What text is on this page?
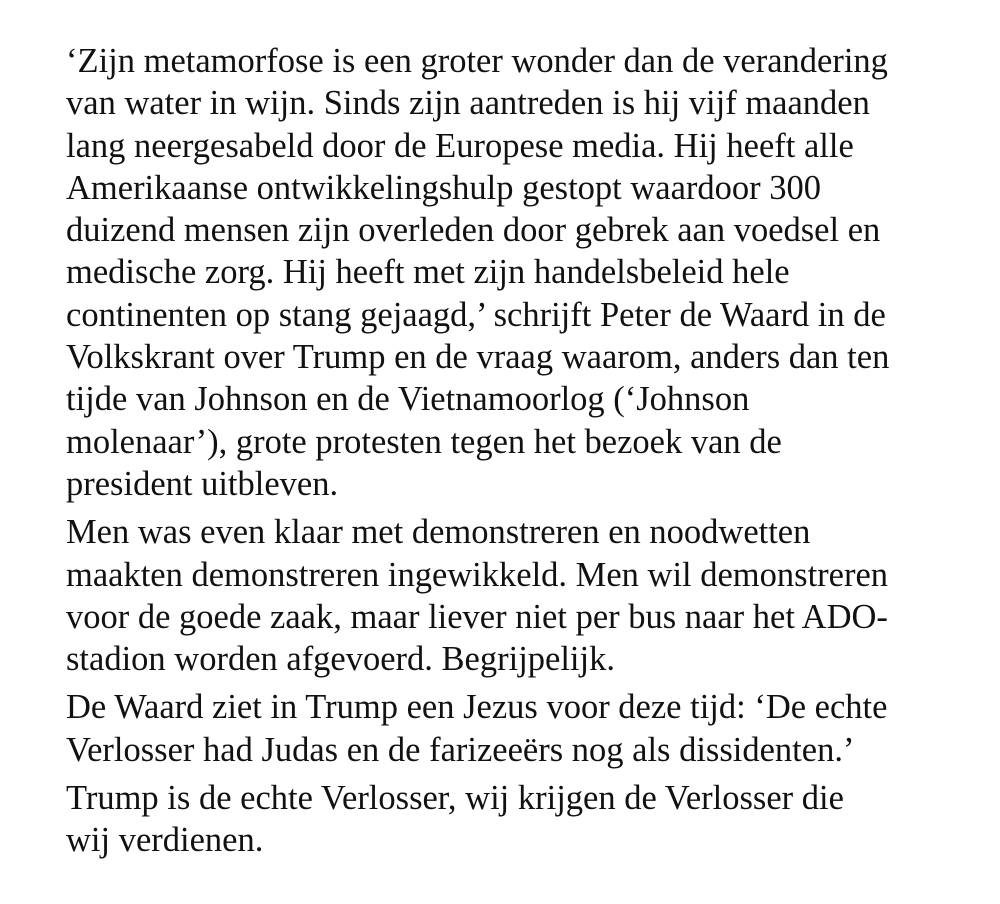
‘Zijn metamorfose is een groter wonder dan de verandering
van water in wijn. Sinds zijn aantreden is hij vijf maanden
lang neergesabeld door de Europese media. Hij heeft alle
Amerikaanse ontwikkelingshulp gestopt waardoor 300
duizend mensen zijn overleden door gebrek aan voedsel en
medische zorg. Hij heeft met zijn handelsbeleid hele
continenten op stang gejaagd,’ schrijft Peter de Waard in de
Volkskrant over Trump en de vraag waarom, anders dan ten
tijde van Johnson en de Vietnamoorlog (‘Johnson
molenaar’), grote protesten tegen het bezoek van de
president uitbleven.

Men was even klaar met demonstreren en noodwetten
maakten demonstreren ingewikkeld. Men wil demonstreren
voor de goede zaak, maar liever niet per bus naar het ADO-
stadion worden afgevoerd. Begrijpelijk.

De Waard ziet in Trump een Jezus voor deze tijd: ‘De echte
Verlosser had Judas en de farizeeërs nog als dissidenten.’

Trump is de echte Verlosser, wij krijgen de Verlosser die
wij verdienen.
